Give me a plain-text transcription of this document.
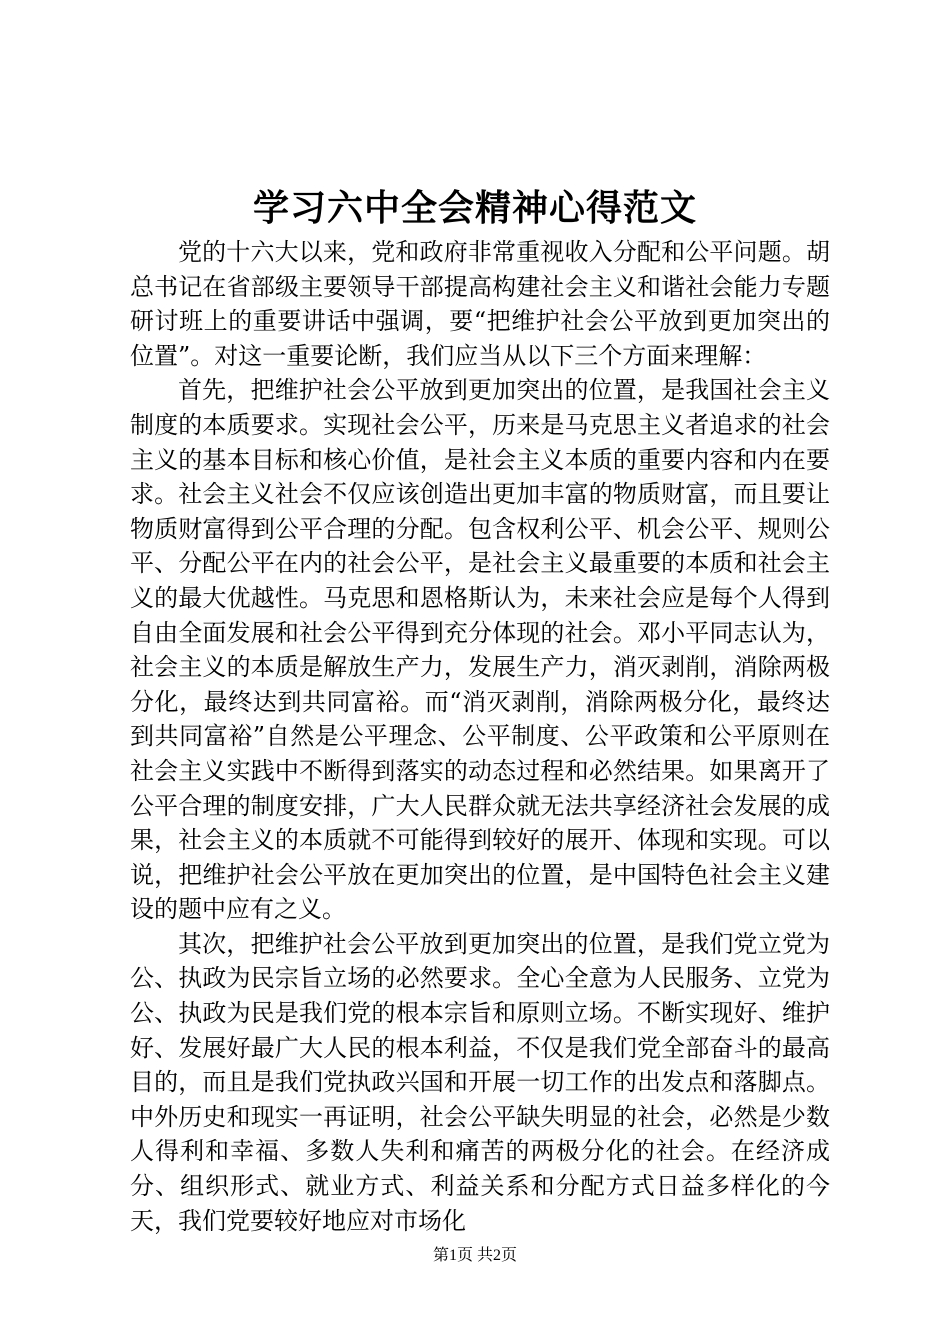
学习六中全会精神心得范文

党的十六大以来，党和政府非常重视收入分配和公平问题。胡总书记在省部级主要领导干部提高构建社会主义和谐社会能力专题研讨班上的重要讲话中强调，要“把维护社会公平放到更加突出的位置”。对这一重要论断，我们应当从以下三个方面来理解：

首先，把维护社会公平放到更加突出的位置，是我国社会主义制度的本质要求。实现社会公平，历来是马克思主义者追求的社会主义的基本目标和核心价值，是社会主义本质的重要内容和内在要求。社会主义社会不仅应该创造出更加丰富的物质财富，而且要让物质财富得到公平合理的分配。包含权利公平、机会公平、规则公平、分配公平在内的社会公平，是社会主义最重要的本质和社会主义的最大优越性。马克思和恩格斯认为，未来社会应是每个人得到自由全面发展和社会公平得到充分体现的社会。邓小平同志认为，社会主义的本质是解放生产力，发展生产力，消灭剥削，消除两极分化，最终达到共同富裕。而“消灭剥削，消除两极分化，最终达到共同富裕”自然是公平理念、公平制度、公平政策和公平原则在社会主义实践中不断得到落实的动态过程和必然结果。如果离开了公平合理的制度安排，广大人民群众就无法共享经济社会发展的成果，社会主义的本质就不可能得到较好的展开、体现和实现。可以说，把维护社会公平放在更加突出的位置，是中国特色社会主义建设的题中应有之义。

其次，把维护社会公平放到更加突出的位置，是我们党立党为公、执政为民宗旨立场的必然要求。全心全意为人民服务、立党为公、执政为民是我们党的根本宗旨和原则立场。不断实现好、维护好、发展好最广大人民的根本利益，不仅是我们党全部奋斗的最高目的，而且是我们党执政兴国和开展一切工作的出发点和落脚点。中外历史和现实一再证明，社会公平缺失明显的社会，必然是少数人得利和幸福、多数人失利和痛苦的两极分化的社会。在经济成分、组织形式、就业方式、利益关系和分配方式日益多样化的今天，我们党要较好地应对市场化

第1页 共2页
